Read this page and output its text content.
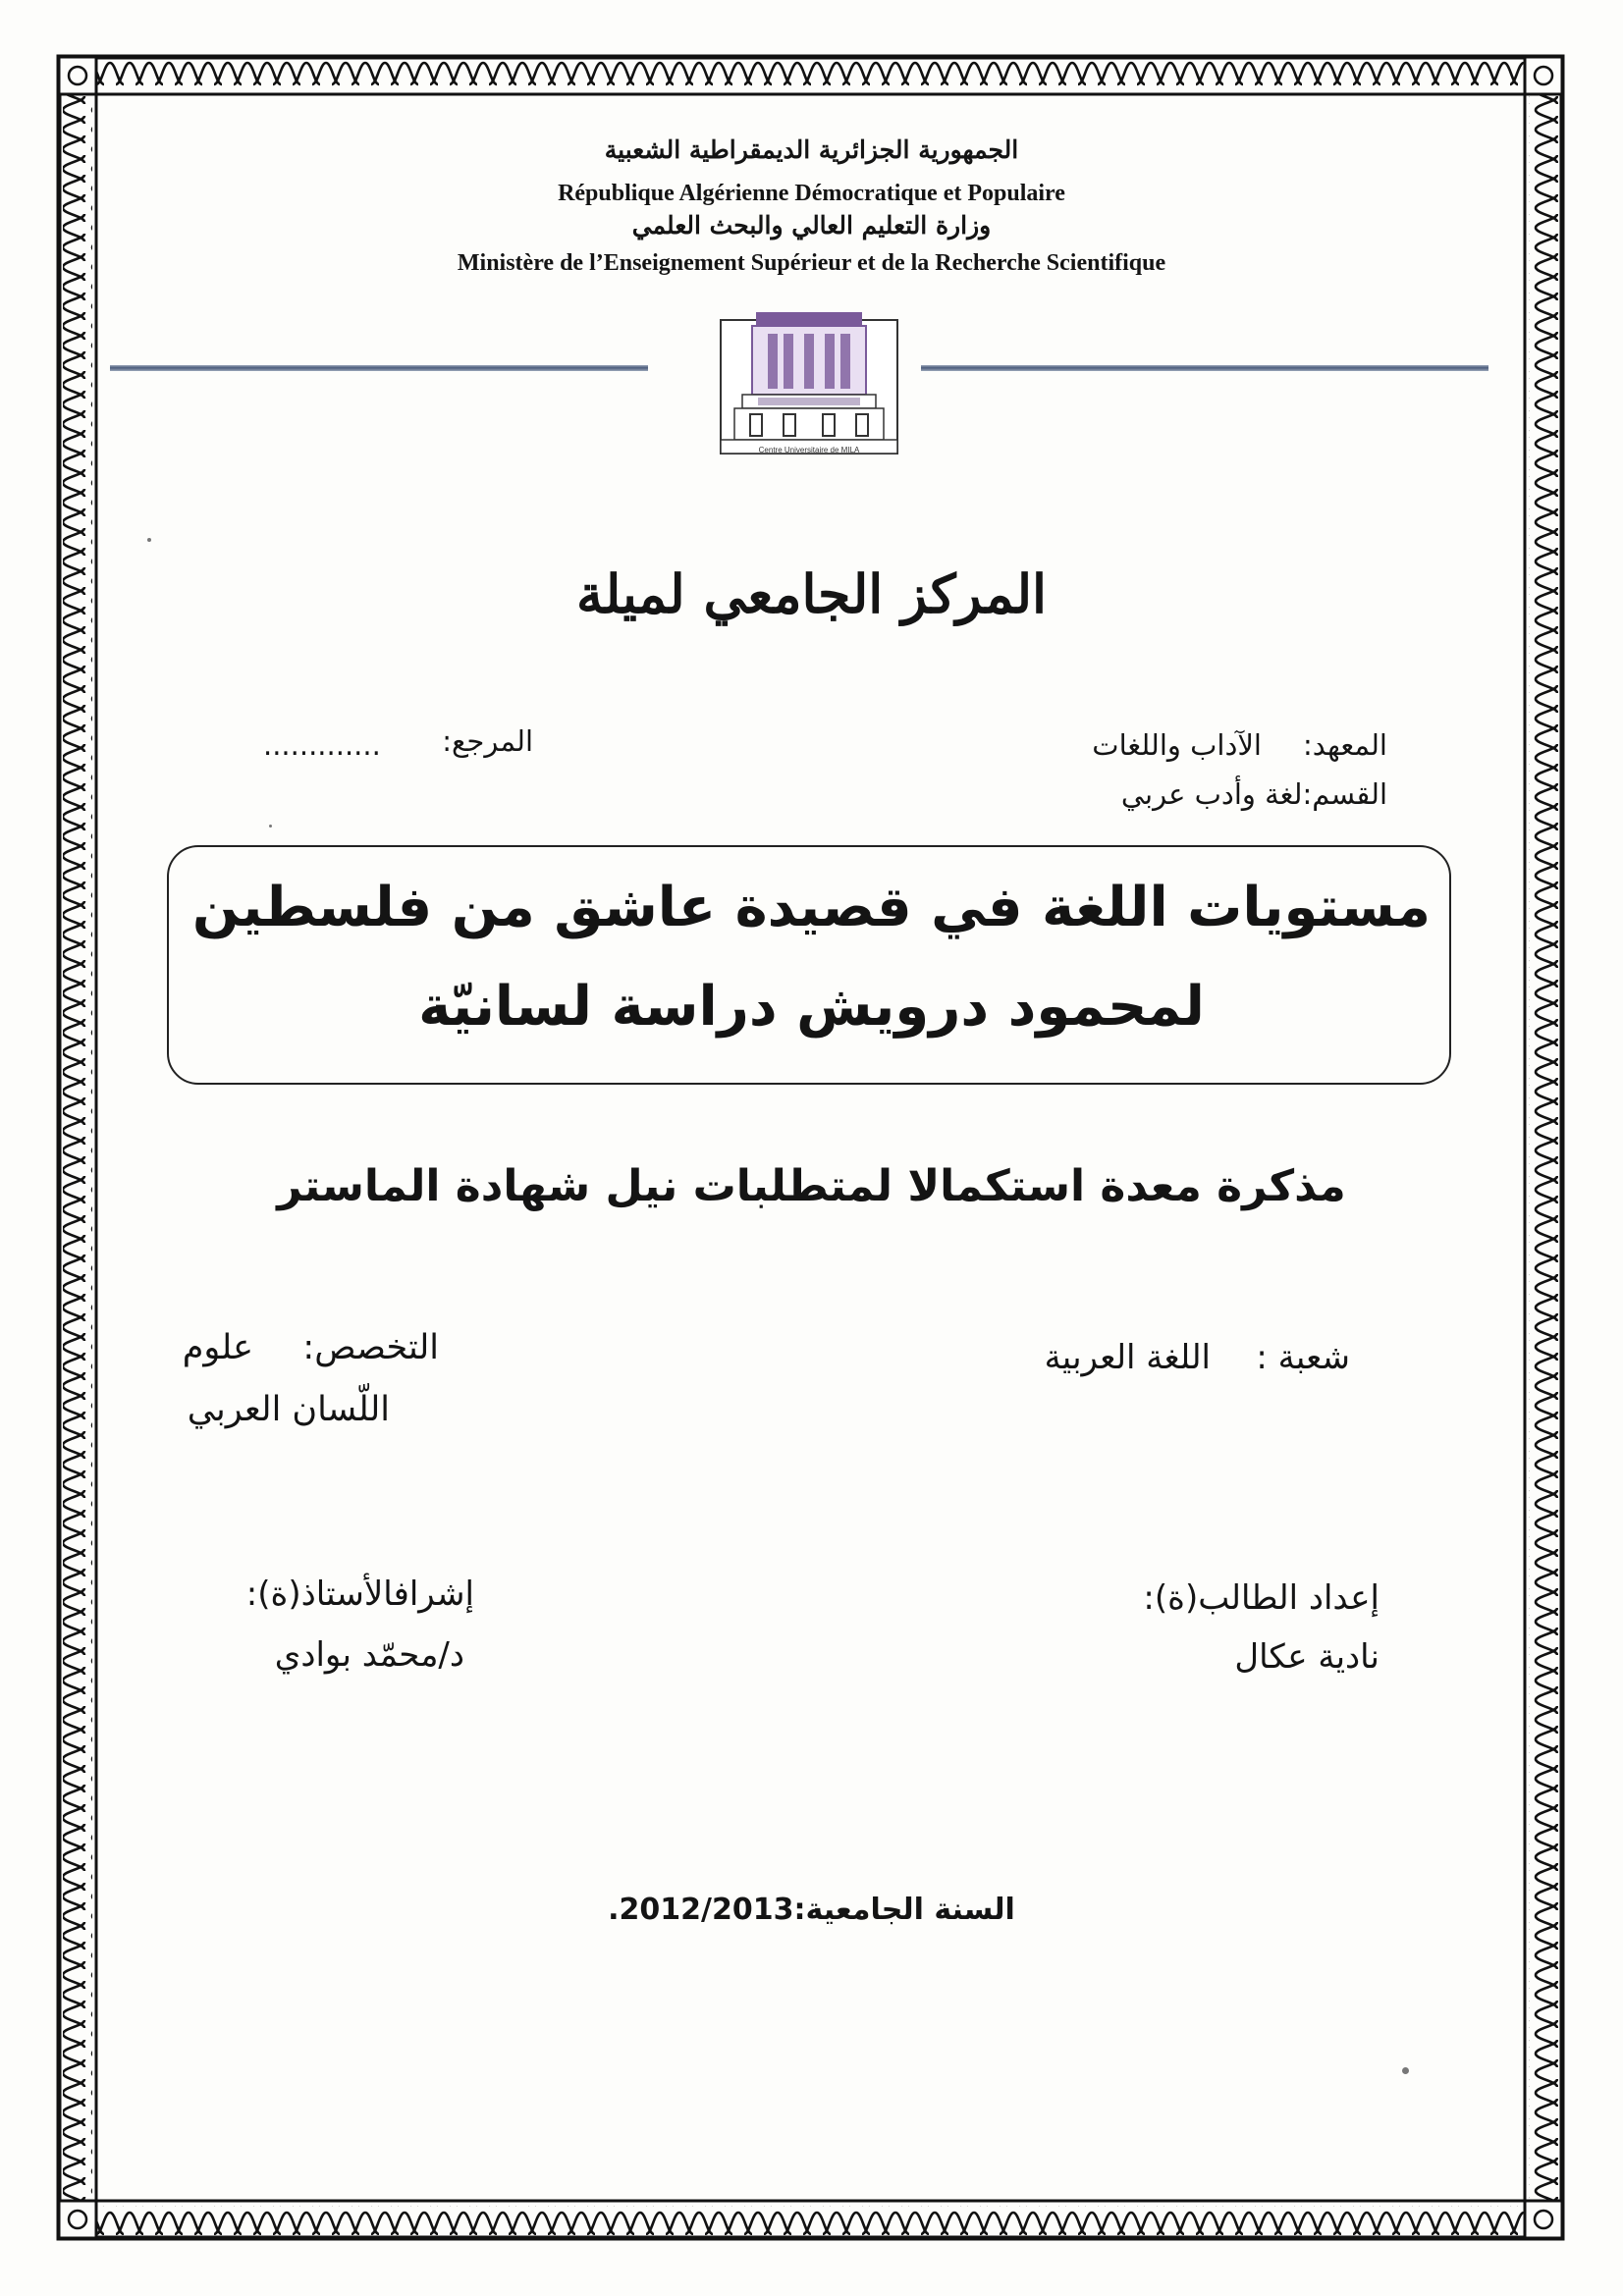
الجمهورية الجزائرية الديمقراطية الشعبية

République Algérienne Démocratique et Populaire

وزارة التعليم العالي والبحث العلمي

Ministère de l’Enseignement Supérieur et de la Recherche Scientifique

Centre Universitaire de MILA

المركز الجامعي لميلة

المعهد:

الآداب واللغات

القسم:لغة وأدب عربي

المرجع:

.............

مستويات اللغة في قصيدة عاشق من فلسطين

لمحمود درويش دراسة لسانيّة

مذكرة معدة استكمالا لمتطلبات نيل شهادة الماستر

شعبة :

اللغة العربية

التخصص:

علوم

اللّسان العربي

إعداد الطالب(ة):

نادية عكال

إشرافالأستاذ(ة):

د/محمّد بوادي

السنة الجامعية:2012/2013.
